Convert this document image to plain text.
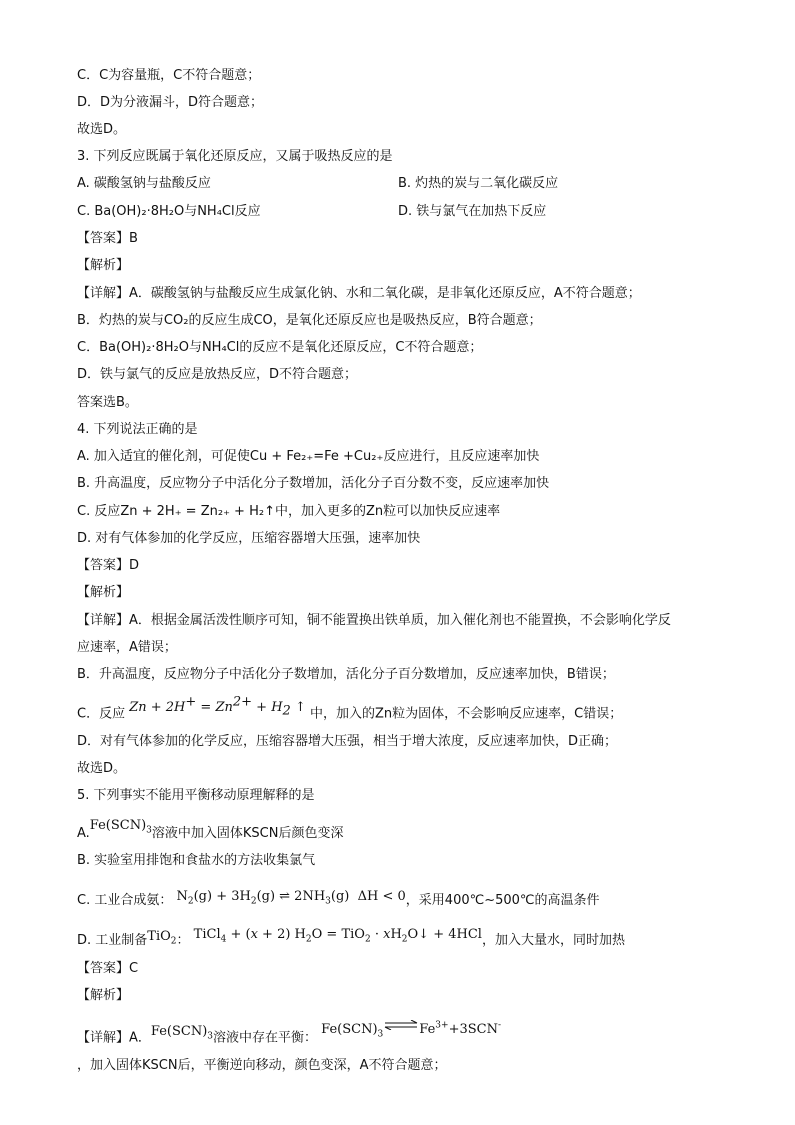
C．C为容量瓶，C不符合题意；
D．D为分液漏斗，D符合题意；
故选D。
3. 下列反应既属于氧化还原反应，又属于吸热反应的是
A. 碳酸氢钠与盐酸反应	B. 灼热的炭与二氧化碳反应
C. Ba(OH)₂·8H₂O与NH₄Cl反应	D. 铁与氯气在加热下反应
【答案】B
【解析】
【详解】A．碳酸氢钠与盐酸反应生成氯化钠、水和二氧化碳，是非氧化还原反应，A不符合题意；
B．灼热的炭与CO₂的反应生成CO，是氧化还原反应也是吸热反应，B符合题意；
C．Ba(OH)₂·8H₂O与NH₄Cl的反应不是氧化还原反应，C不符合题意；
D．铁与氯气的反应是放热反应，D不符合题意；
答案选B。
4. 下列说法正确的是
A. 加入适宜的催化剂，可促使Cu + Fe₂₊=Fe +Cu₂₊反应进行，且反应速率加快
B. 升高温度，反应物分子中活化分子数增加，活化分子百分数不变，反应速率加快
C. 反应Zn + 2H₊ = Zn₂₊ + H₂↑中，加入更多的Zn粒可以加快反应速率
D. 对有气体参加的化学反应，压缩容器增大压强，速率加快
【答案】D
【解析】
【详解】A．根据金属活泼性顺序可知，铜不能置换出铁单质，加入催化剂也不能置换，不会影响化学反
应速率，A错误；
B．升高温度，反应物分子中活化分子数增加，活化分子百分数增加，反应速率加快，B错误；
C．反应 $Zn + 2H^+ = Zn^{2+} + H_2$ ↑ 中，加入的Zn粒为固体，不会影响反应速率，C错误；
D．对有气体参加的化学反应，压缩容器增大压强，相当于增大浓度，反应速率加快，D正确；
故选D。
5. 下列事实不能用平衡移动原理解释的是
$A.Fe(SCN)_3$溶液中加入固体KSCN后颜色变深
B. 实验室用排饱和食盐水的方法收集氯气
C. 工业合成氨： $N_2(g) + 3H_2(g)$ ⇌ $2NH_3(g) \Delta H < 0$，采用400℃~500℃的高温条件
D. 工业制备TiO$_2$： TiCl$_4$ + (x + 2) $H_2O = TiO_2$ · $xH_2O↓ + 4HCl$，加入大量水，同时加热
【答案】C
【解析】
【详解】A．$Fe(SCN)_3$溶液中存在平衡： $Fe(SCN)_3$ $\rightleftharpoons Fe^{3+}+3SCN^-$
，加入固体KSCN后，平衡逆向移动，颜色变深，A不符合题意；
